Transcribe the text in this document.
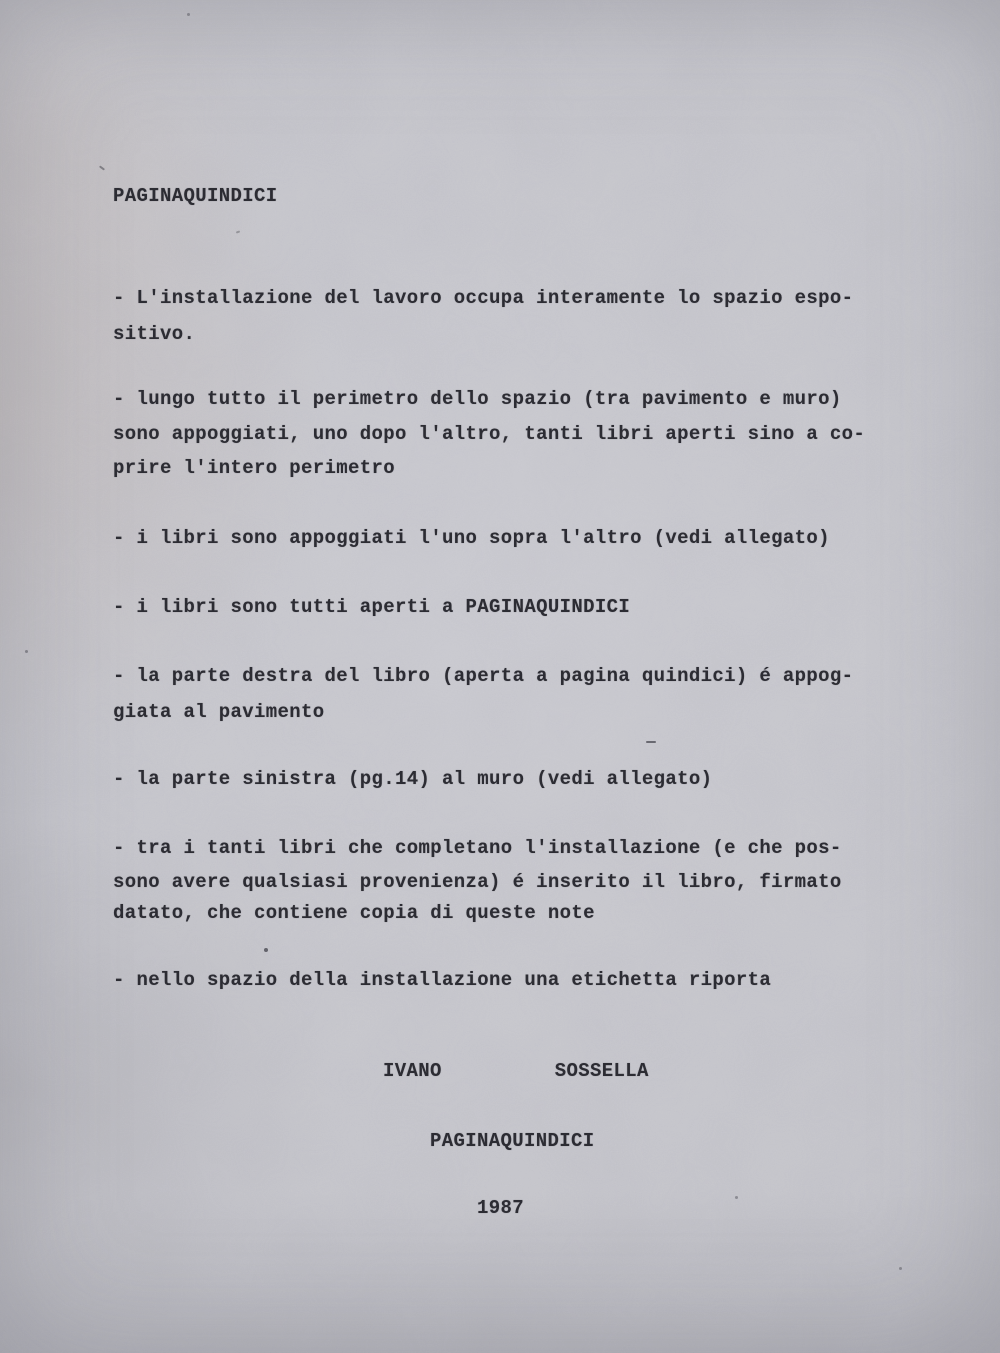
PAGINAQUINDICI
- L'installazione del lavoro occupa interamente lo spazio espo-
sitivo.
- lungo tutto il perimetro dello spazio (tra pavimento e muro)
sono appoggiati, uno dopo l'altro, tanti libri aperti sino a co-
prire l'intero perimetro
- i libri sono appoggiati l'uno sopra l'altro (vedi allegato)
- i libri sono tutti aperti a PAGINAQUINDICI
- la parte destra del libro (aperta a pagina quindici) é appog-
giata al pavimento
- la parte sinistra (pg.14) al muro (vedi allegato)
- tra i tanti libri che completano l'installazione (e che pos-
sono avere qualsiasi provenienza) é inserito il libro, firmato
datato, che contiene copia di queste note
- nello spazio della installazione una etichetta riporta
IVANO	SOSSELLA
PAGINAQUINDICI
1987
